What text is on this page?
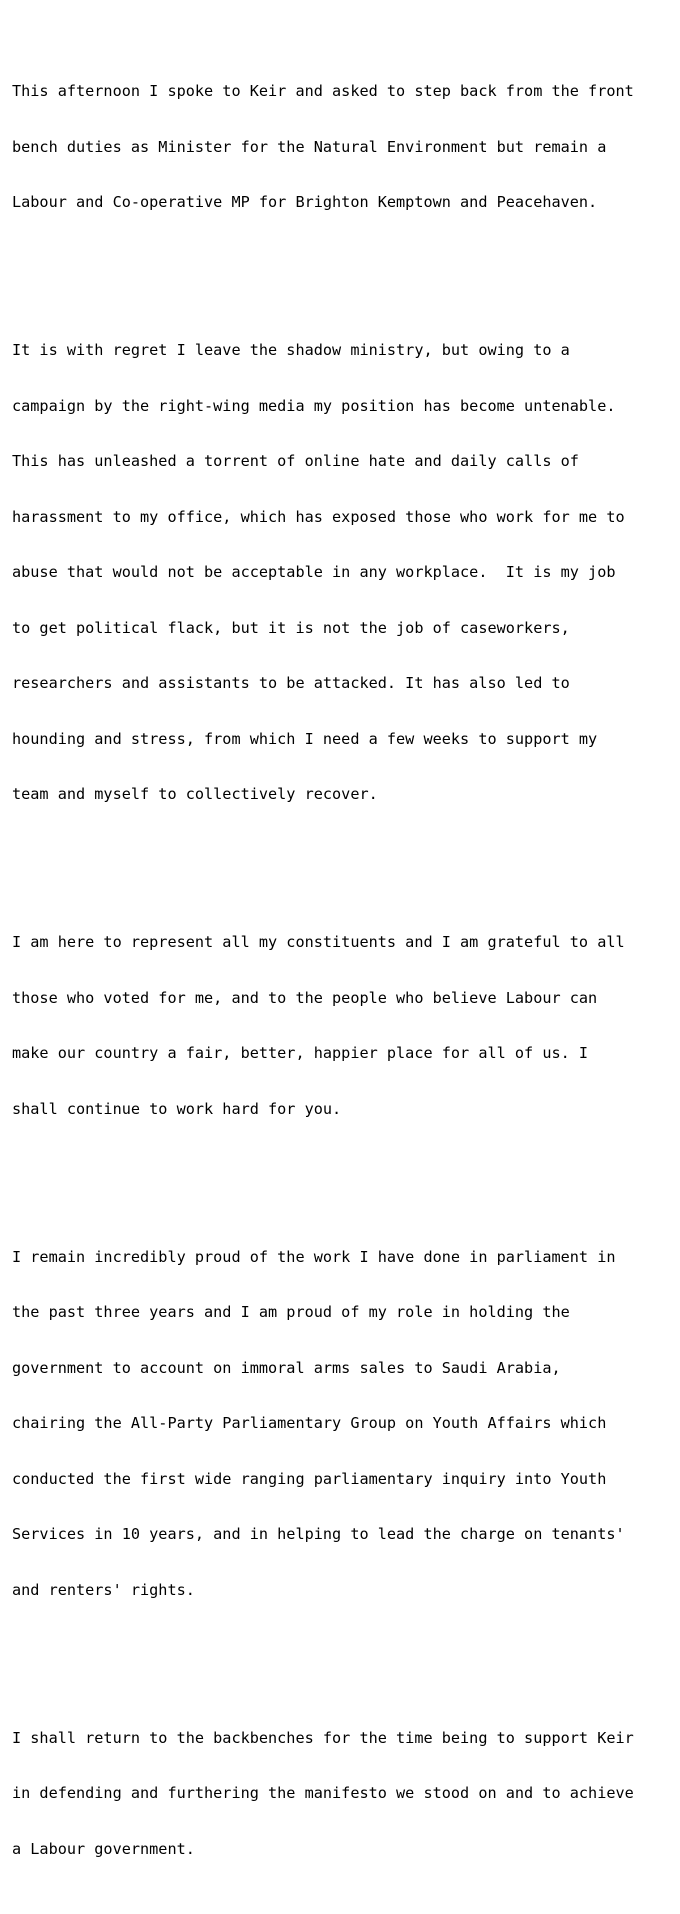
This afternoon I spoke to Keir and asked to step back from the front

bench duties as Minister for the Natural Environment but remain a

Labour and Co-operative MP for Brighton Kemptown and Peacehaven.

It is with regret I leave the shadow ministry, but owing to a

campaign by the right-wing media my position has become untenable.

This has unleashed a torrent of online hate and daily calls of

harassment to my office, which has exposed those who work for me to

abuse that would not be acceptable in any workplace.  It is my job

to get political flack, but it is not the job of caseworkers,

researchers and assistants to be attacked. It has also led to

hounding and stress, from which I need a few weeks to support my

team and myself to collectively recover.

I am here to represent all my constituents and I am grateful to all

those who voted for me, and to the people who believe Labour can

make our country a fair, better, happier place for all of us. I

shall continue to work hard for you.

I remain incredibly proud of the work I have done in parliament in

the past three years and I am proud of my role in holding the

government to account on immoral arms sales to Saudi Arabia,

chairing the All-Party Parliamentary Group on Youth Affairs which

conducted the first wide ranging parliamentary inquiry into Youth

Services in 10 years, and in helping to lead the charge on tenants'

and renters' rights.

I shall return to the backbenches for the time being to support Keir

in defending and furthering the manifesto we stood on and to achieve

a Labour government.
